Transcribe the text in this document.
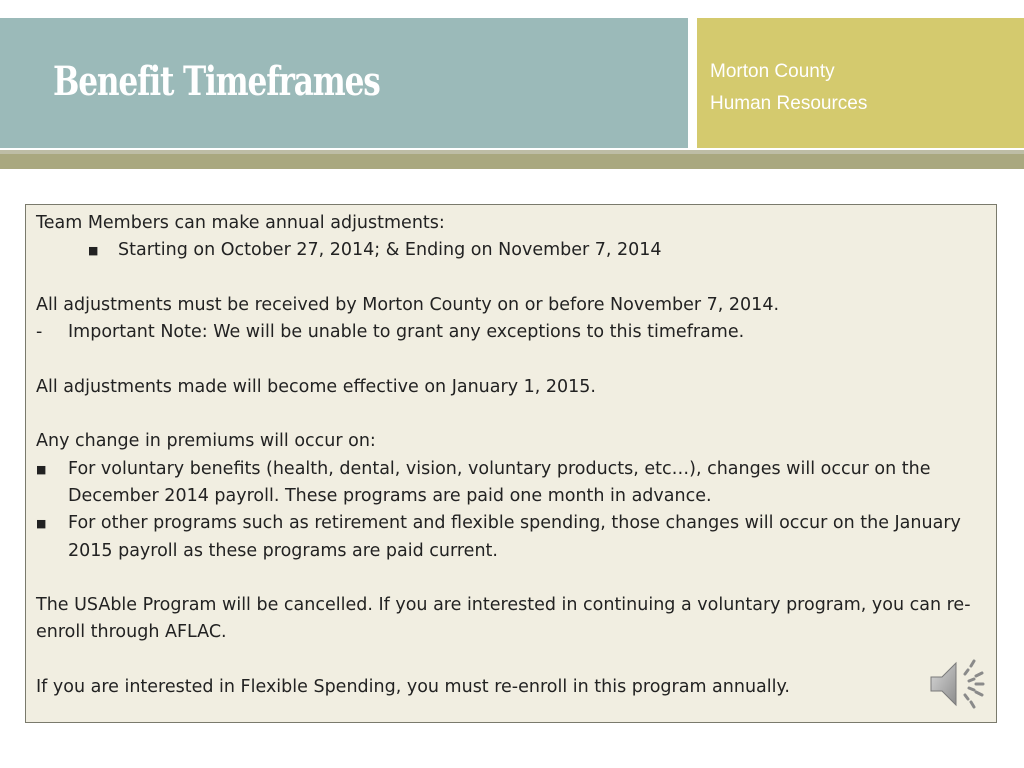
Benefit Timeframes	Morton County
Human Resources

Team Members can make annual adjustments:

■	Starting on October 27, 2014; & Ending on November 7, 2014

All adjustments must be received by Morton County on or before November 7, 2014.

- Important Note: We will be unable to grant any exceptions to this timeframe.

All adjustments made will become effective on January 1, 2015.

Any change in premiums will occur on:

■ For voluntary benefits (health, dental, vision, voluntary products, etc…), changes will occur on the December 2014 payroll. These programs are paid one month in advance.

■ For other programs such as retirement and flexible spending, those changes will occur on the January 2015 payroll as these programs are paid current.

The USAble Program will be cancelled. If you are interested in continuing a voluntary program, you can re-enroll through AFLAC.

If you are interested in Flexible Spending, you must re-enroll in this program annually.
